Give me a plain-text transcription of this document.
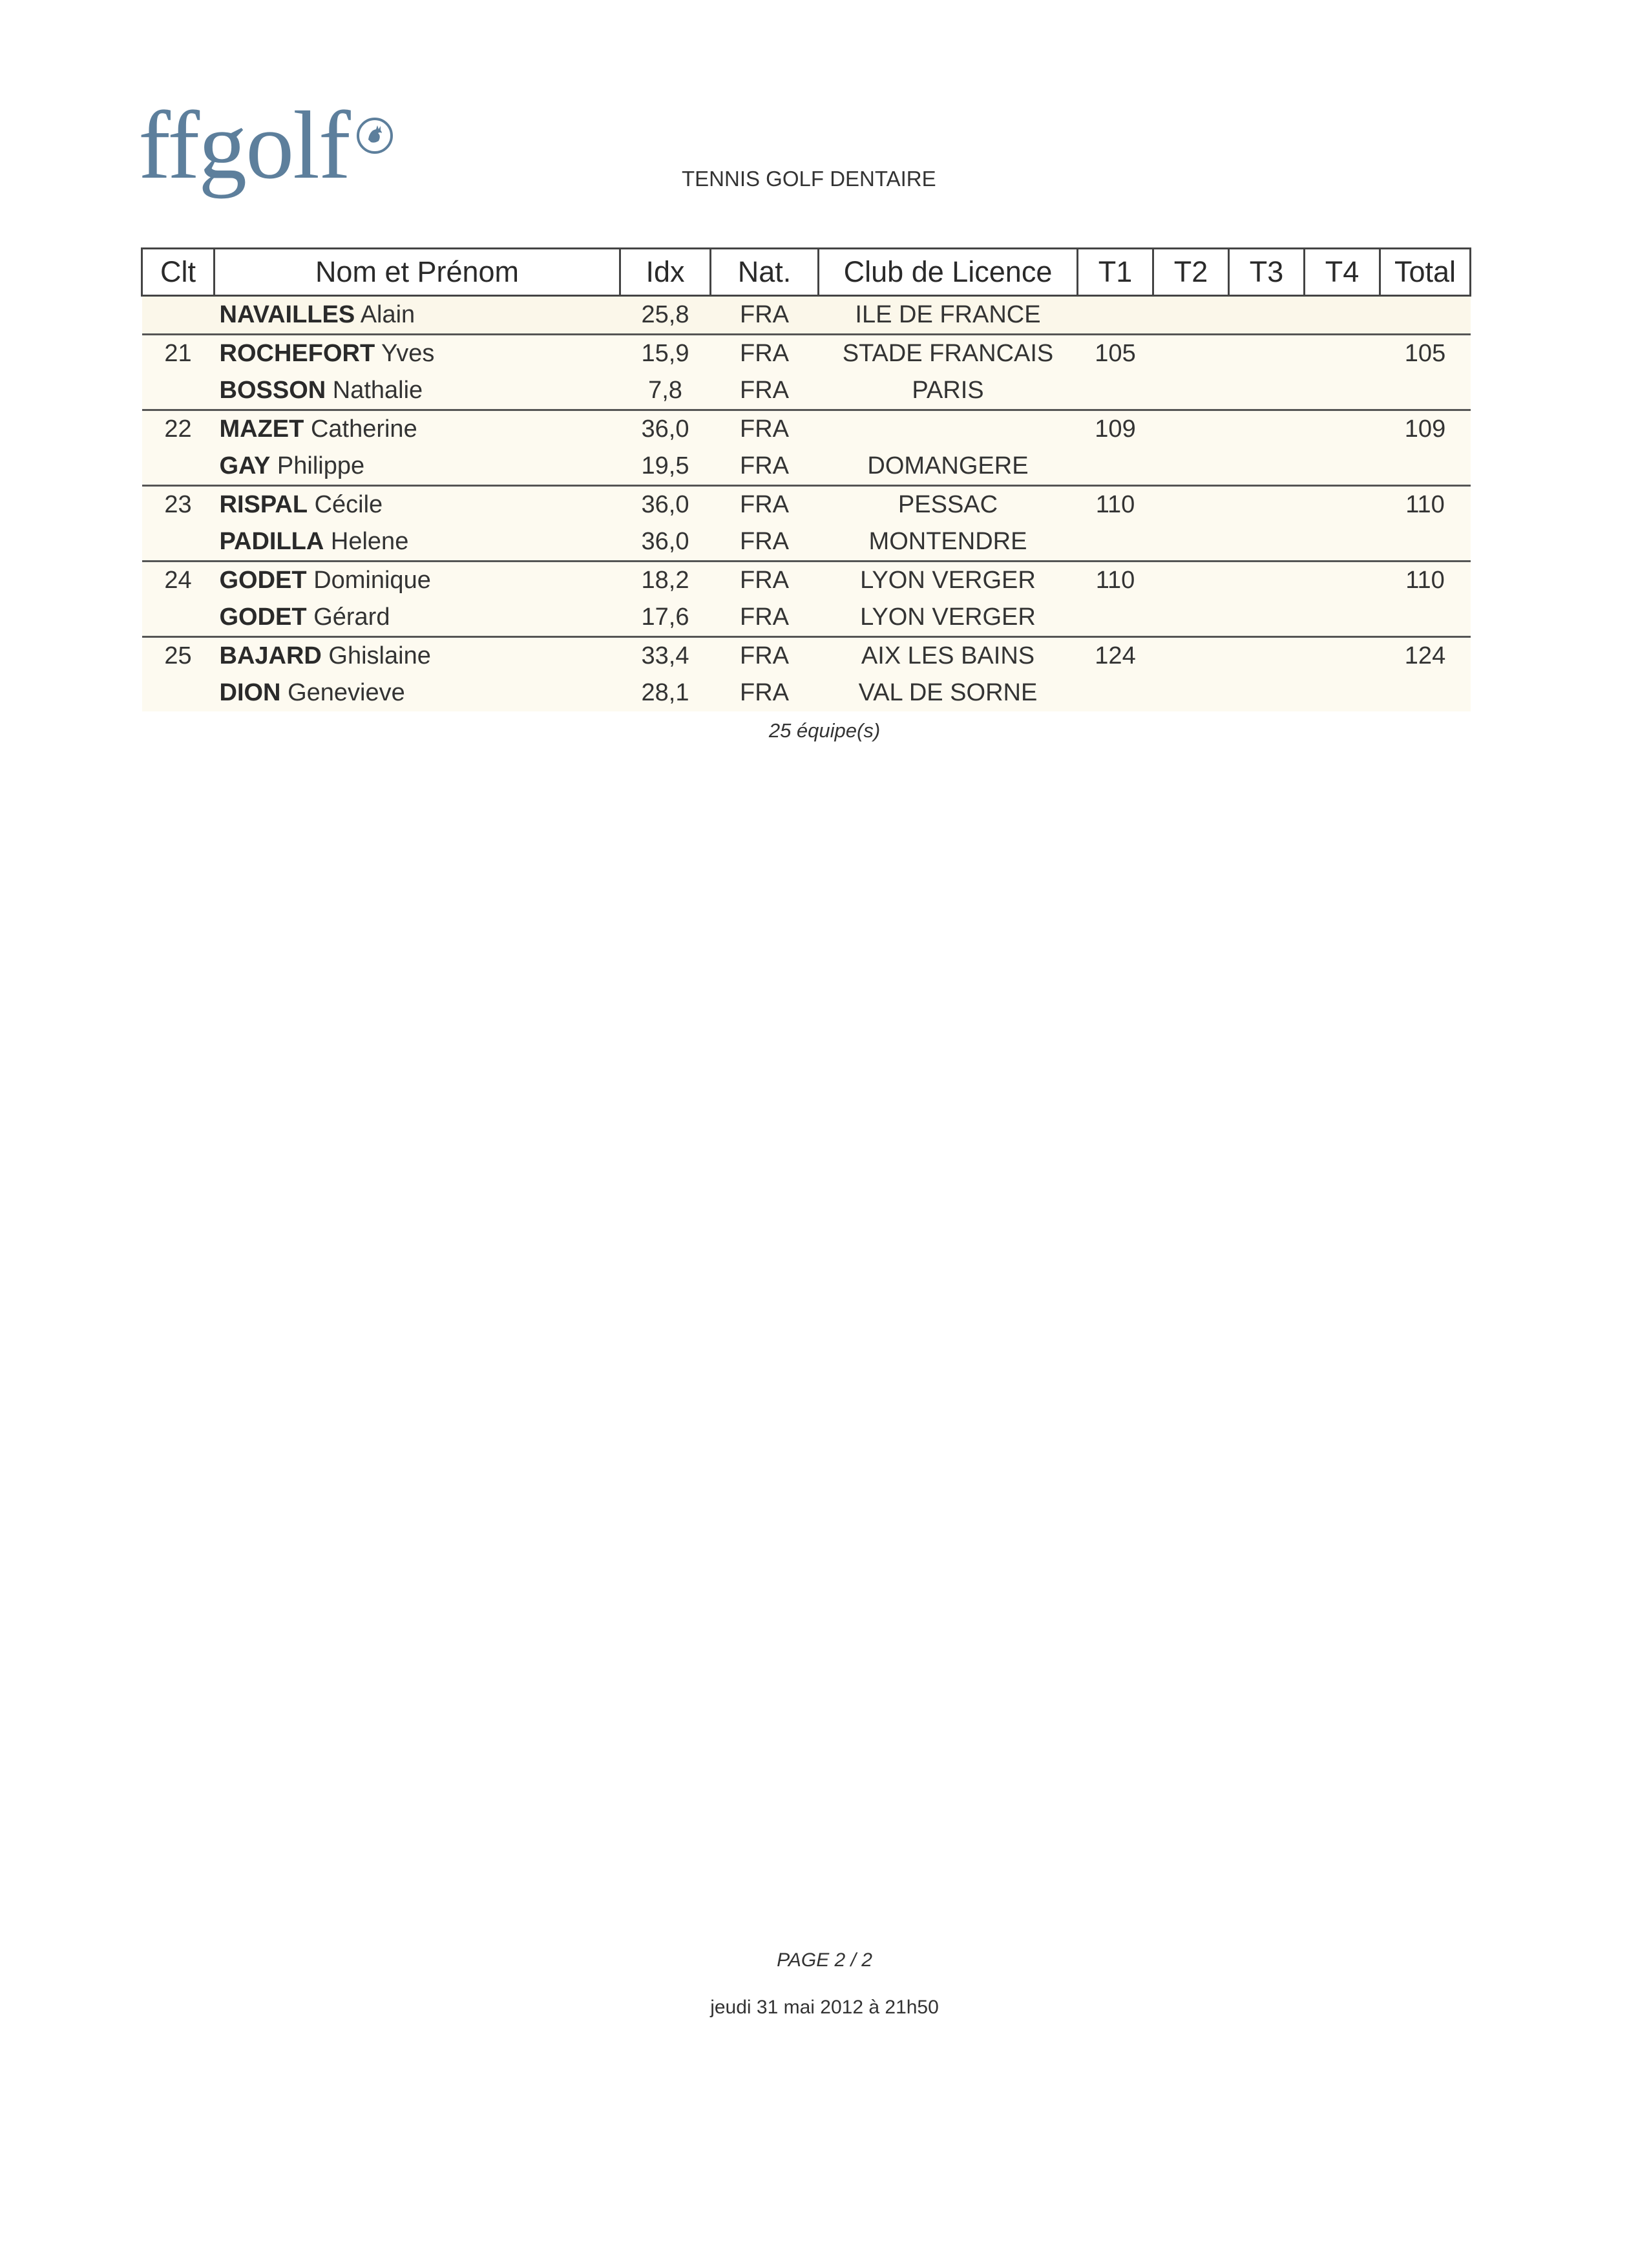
ffgolf	TENNIS GOLF DENTAIRE
Clt	Nom et Prénom	Idx	Nat.	Club de Licence	T1	T2	T3	T4	Total
	NAVAILLES Alain	25,8	FRA	ILE DE FRANCE					
21	ROCHEFORT Yves	15,9	FRA	STADE FRANCAIS	105				105
	BOSSON Nathalie	7,8	FRA	PARIS					
22	MAZET Catherine	36,0	FRA		109				109
	GAY Philippe	19,5	FRA	DOMANGERE					
23	RISPAL Cécile	36,0	FRA	PESSAC	110				110
	PADILLA Helene	36,0	FRA	MONTENDRE					
24	GODET Dominique	18,2	FRA	LYON VERGER	110				110
	GODET Gérard	17,6	FRA	LYON VERGER					
25	BAJARD Ghislaine	33,4	FRA	AIX LES BAINS	124				124
	DION Genevieve	28,1	FRA	VAL DE SORNE					
25 équipe(s)
PAGE 2 / 2
jeudi 31 mai 2012 à 21h50
